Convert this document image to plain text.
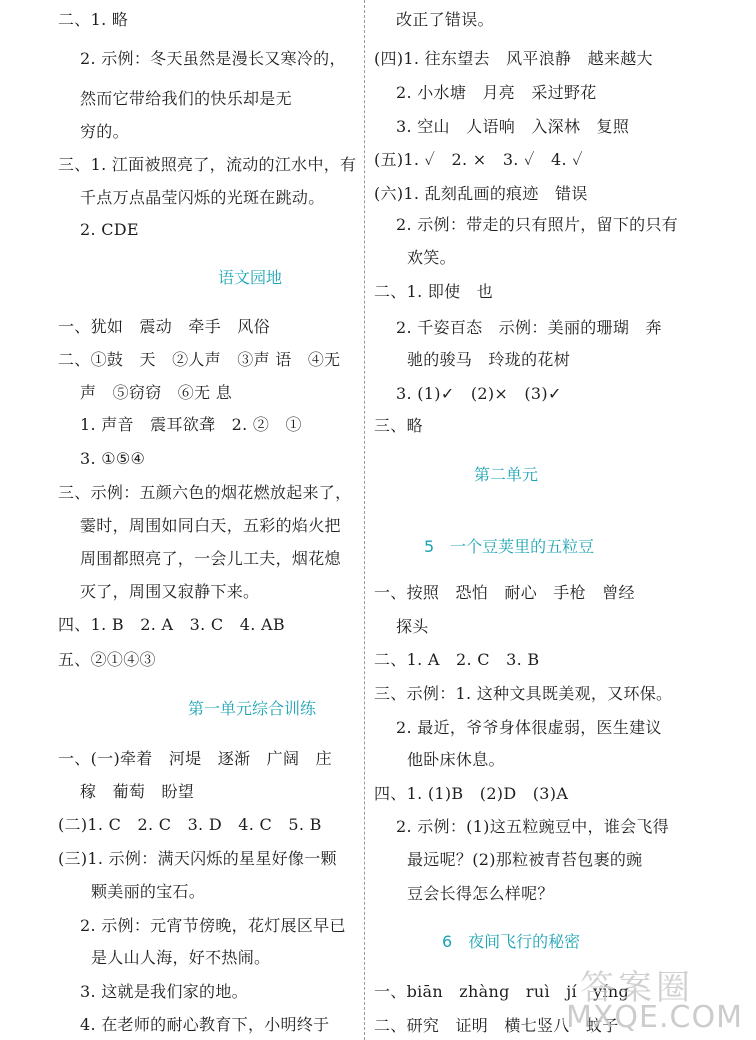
二、1. 略
2. 示例：冬天虽然是漫长又寒冷的，
然而它带给我们的快乐却是无
穷的。
三、1. 江面被照亮了，流动的江水中，有
千点万点晶莹闪烁的光斑在跳动。
2. CDE
语文园地
一、犹如　震动　牵手　风俗
二、①鼓　天　②人声　③声 语　④无
声　⑤窃窃　⑥无 息
1. 声音　震耳欲聋　2. ②　①
3. ①⑤④
三、示例：五颜六色的烟花燃放起来了，
霎时，周围如同白天，五彩的焰火把
周围都照亮了，一会儿工夫，烟花熄
灭了，周围又寂静下来。
四、1. B　2. A　3. C　4. AB
五、②①④③
第一单元综合训练
一、(一)牵着　河堤　逐渐　广阔　庄
稼　葡萄　盼望
(二)1. C　2. C　3. D　4. C　5. B
(三)1. 示例：满天闪烁的星星好像一颗
颗美丽的宝石。
2. 示例：元宵节傍晚，花灯展区早已
是人山人海，好不热闹。
3. 这就是我们家的地。
4. 在老师的耐心教育下，小明终于
改正了错误。
(四)1. 往东望去　风平浪静　越来越大
2. 小水塘　月亮　采过野花
3. 空山　人语响　入深林　复照
(五)1. ✓　2. ×　3. ✓　4. ✓
(六)1. 乱刻乱画的痕迹　错误
2. 示例：带走的只有照片，留下的只有
欢笑。
二、1. 即使　也
2. 千姿百态　示例：美丽的珊瑚　奔
驰的骏马　玲珑的花树
3. (1)✓　(2)×　(3)✓
三、略
第二单元
5　一个豆荚里的五粒豆
一、按照　恐怕　耐心　手枪　曾经
探头
二、1. A　2. C　3. B
三、示例：1. 这种文具既美观，又环保。
2. 最近，爷爷身体很虚弱，医生建议
他卧床休息。
四、1. (1)B　(2)D　(3)A
2. 示例：(1)这五粒豌豆中，谁会飞得
最远呢？(2)那粒被青苔包裹的豌
豆会长得怎么样呢？
6　夜间飞行的秘密
一、biān　zhàng　ruì　jí　yíng
二、研究　证明　横七竖八　蚊子
答案圈
MXQE.COM
